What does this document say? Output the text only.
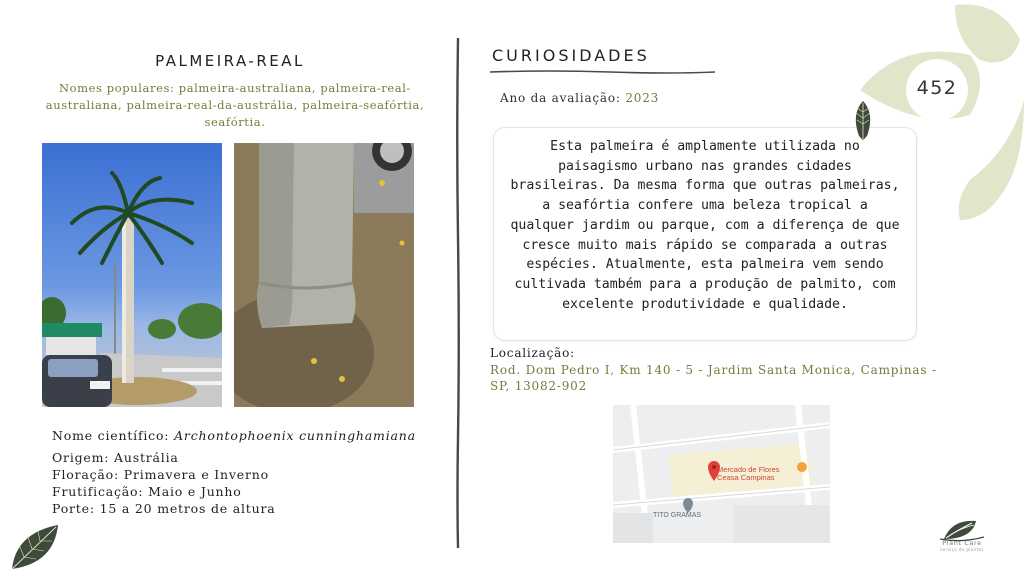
PALMEIRA-REAL
Nomes populares: palmeira-australiana, palmeira-real-australiana, palmeira-real-da-austrália, palmeira-seafórtia, seafórtia.
Nome científico: Archontophoenix cunninghamiana
Origem: Austrália
Floração: Primavera e Inverno
Frutificação: Maio e Junho
Porte: 15 a 20 metros de altura
CURIOSIDADES
Ano da avaliação: 2023

Esta palmeira é amplamente utilizada no paisagismo urbano nas grandes cidades brasileiras. Da mesma forma que outras palmeiras, a seafórtia confere uma beleza tropical a qualquer jardim ou parque, com a diferença de que cresce muito mais rápido se comparada a outras espécies. Atualmente, esta palmeira vem sendo cultivada também para a produção de palmito, com excelente produtividade e qualidade.

Localização:
Rod. Dom Pedro I, Km 140 - 5 - Jardim Santa Monica, Campinas - SP, 13082-902
Mercado de Flores
Ceasa Campinas
TITO GRAMAS
452
Plant Care
serviço de plantas
